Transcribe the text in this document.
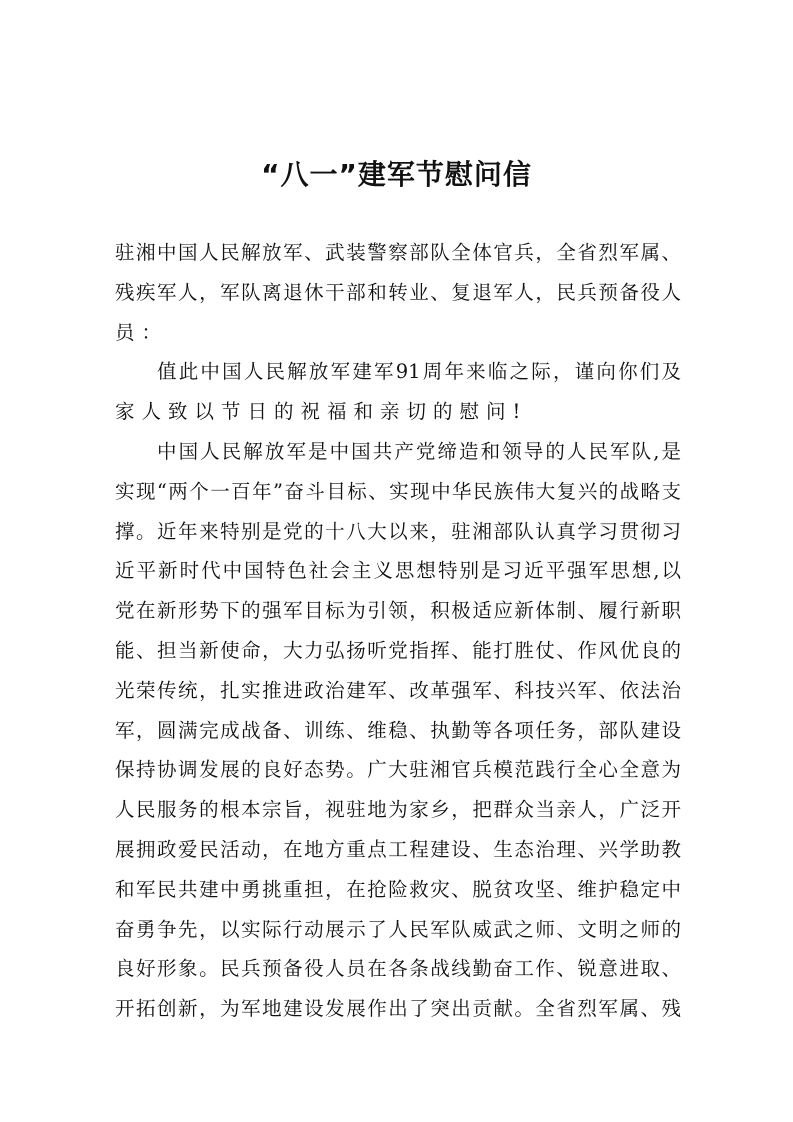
“八一”建军节慰问信
驻湘中国人民解放军、武装警察部队全体官兵，全省烈军属、
残疾军人，军队离退休干部和转业、复退军人，民兵预备役人
员：
值此中国人民解放军建军91周年来临之际，谨向你们及
家人致以节日的祝福和亲切的慰问!
中国人民解放军是中国共产党缔造和领导的人民军队,是
实现“两个一百年”奋斗目标、实现中华民族伟大复兴的战略支
撑。近年来特别是党的十八大以来，驻湘部队认真学习贯彻习
近平新时代中国特色社会主义思想特别是习近平强军思想,以
党在新形势下的强军目标为引领，积极适应新体制、履行新职
能、担当新使命，大力弘扬听党指挥、能打胜仗、作风优良的
光荣传统，扎实推进政治建军、改革强军、科技兴军、依法治
军，圆满完成战备、训练、维稳、执勤等各项任务，部队建设
保持协调发展的良好态势。广大驻湘官兵模范践行全心全意为
人民服务的根本宗旨，视驻地为家乡，把群众当亲人，广泛开
展拥政爱民活动，在地方重点工程建设、生态治理、兴学助教
和军民共建中勇挑重担，在抢险救灾、脱贫攻坚、维护稳定中
奋勇争先，以实际行动展示了人民军队威武之师、文明之师的
良好形象。民兵预备役人员在各条战线勤奋工作、锐意进取、
开拓创新，为军地建设发展作出了突出贡献。全省烈军属、残
